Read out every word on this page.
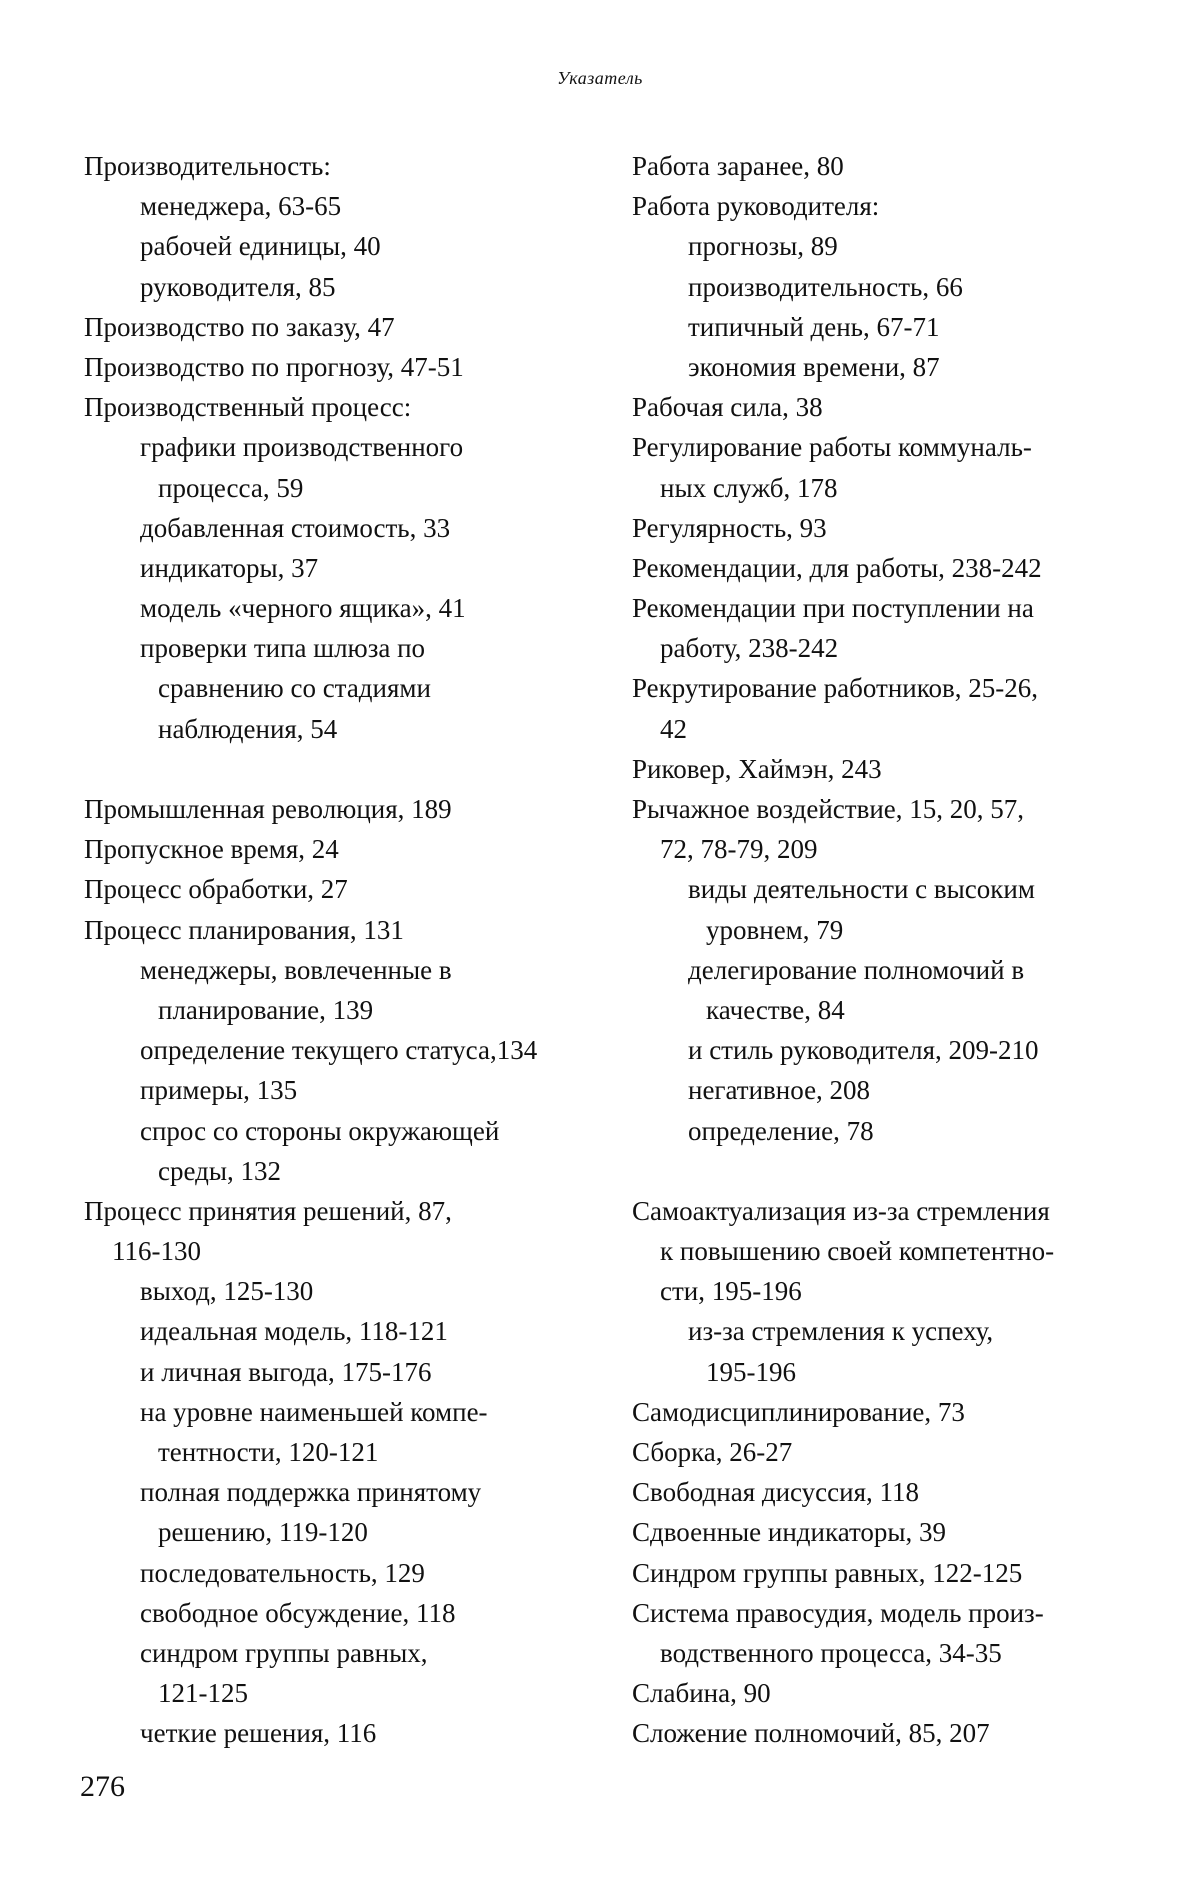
Указатель
Производительность:
менеджера, 63-65
рабочей единицы, 40
руководителя, 85
Производство по заказу, 47
Производство по прогнозу, 47-51
Производственный процесс:
графики производственного
процесса, 59
добавленная стоимость, 33
индикаторы, 37
модель «черного ящика», 41
проверки типа шлюза по
сравнению со стадиями
наблюдения, 54
Промышленная революция, 189
Пропускное время, 24
Процесс обработки, 27
Процесс планирования, 131
менеджеры, вовлеченные в
планирование, 139
определение текущего статуса,134
примеры, 135
спрос со стороны окружающей
среды, 132
Процесс принятия решений, 87,
116-130
выход, 125-130
идеальная модель, 118-121
и личная выгода, 175-176
на уровне наименьшей компе-
тентности, 120-121
полная поддержка принятому
решению, 119-120
последовательность, 129
свободное обсуждение, 118
синдром группы равных,
121-125
четкие решения, 116
Работа заранее, 80
Работа руководителя:
прогнозы, 89
производительность, 66
типичный день, 67-71
экономия времени, 87
Рабочая сила, 38
Регулирование работы коммуналь-
ных служб, 178
Регулярность, 93
Рекомендации, для работы, 238-242
Рекомендации при поступлении на
работу, 238-242
Рекрутирование работников, 25-26,
42
Риковер, Хаймэн, 243
Рычажное воздействие, 15, 20, 57,
72, 78-79, 209
виды деятельности с высоким
уровнем, 79
делегирование полномочий в
качестве, 84
и стиль руководителя, 209-210
негативное, 208
определение, 78
Самоактуализация из-за стремления
к повышению своей компетентно-
сти, 195-196
из-за стремления к успеху,
195-196
Самодисциплинирование, 73
Сборка, 26-27
Свободная дисуссия, 118
Сдвоенные индикаторы, 39
Синдром группы равных, 122-125
Система правосудия, модель произ-
водственного процесса, 34-35
Слабина, 90
Сложение полномочий, 85, 207
276
